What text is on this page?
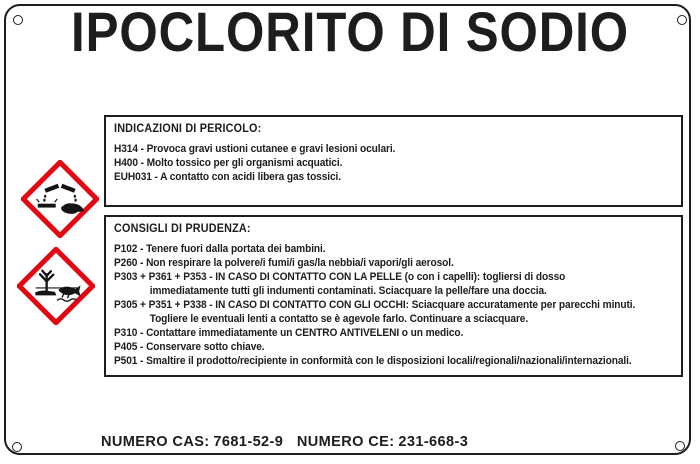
IPOCLORITO DI SODIO
INDICAZIONI DI PERICOLO:
H314 - Provoca gravi ustioni cutanee e gravi lesioni oculari.
H400 - Molto tossico per gli organismi acquatici.
EUH031 - A contatto con acidi libera gas tossici.
CONSIGLI DI PRUDENZA:
P102 - Tenere fuori dalla portata dei bambini.
P260 - Non respirare la polvere/i fumi/i gas/la nebbia/i vapori/gli aerosol.
P303 + P361 + P353 - IN CASO DI CONTATTO CON LA PELLE (o con i capelli): togliersi di dosso
immediatamente tutti gli indumenti contaminati. Sciacquare la pelle/fare una doccia.
P305 + P351 + P338 - IN CASO DI CONTATTO CON GLI OCCHI: Sciacquare accuratamente per parecchi minuti.
Togliere le eventuali lenti a contatto se è agevole farlo. Continuare a sciacquare.
P310 - Contattare immediatamente un CENTRO ANTIVELENI o un medico.
P405 - Conservare sotto chiave.
P501 - Smaltire il prodotto/recipiente in conformità con le disposizioni locali/regionali/nazionali/internazionali.
NUMERO CAS: 7681-52-9 NUMERO CE: 231-668-3
